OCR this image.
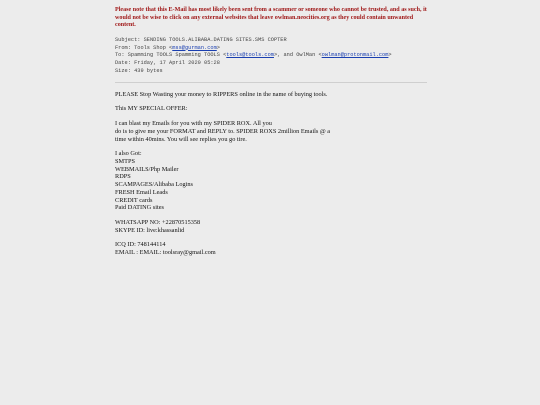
Please note that this E-Mail has most likely been sent from a scammer or someone who cannot be trusted, and as such, it would not be wise to click on any external websites that leave owlman.neocities.org as they could contain unwanted content.
Subject: SENDING TOOLS.ALIBABA.DATING SITES.SMS COPTER
From: Tools Shop <mss@gurman.com>
To: Spamming TOOLS Spamming TOOLS <tools@tools.com>, and OwlMan <owlman@protonmail.com>
Date: Friday, 17 April 2020 05:28
Size: 439 bytes
PLEASE Stop Wasting your money to RIPPERS online in the name of buying tools.
This MY SPECIAL OFFER:
I can blast my Emails for you with my SPIDER ROX. All you
do is to give me your FORMAT and REPLY to. SPIDER ROXS 2million Emails @ a
time within 40mins. You will see replies you go tire.
I also Got:
SMTPS
WEBMAILS/Php Mailer
RDPS
SCAMPAGES/Alibaba Logins
FRESH Email Leads
CREDIT cards
Paid DATING sites
WHATSAPP NO: +22870515358
SKYPE ID: live:khassanlid
ICQ ID: 748144114
EMAIL : EMAIL: toolsray@gmail.com
